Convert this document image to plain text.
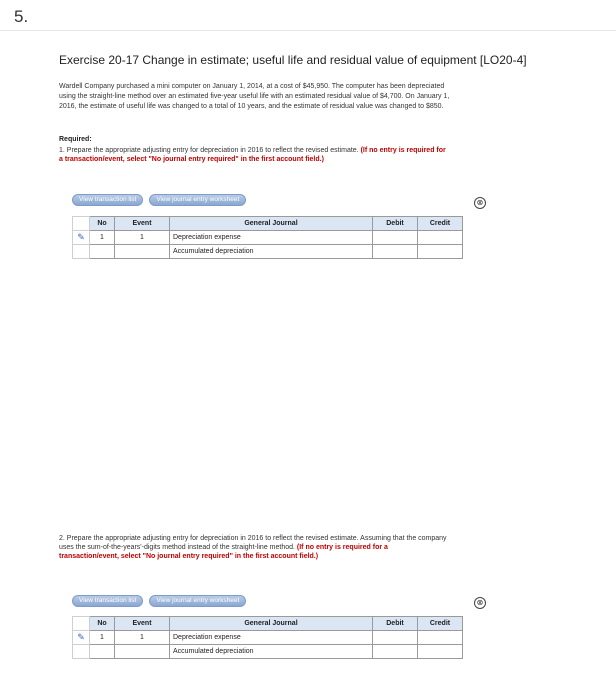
5.
Exercise 20-17 Change in estimate; useful life and residual value of equipment [LO20-4]
Wardell Company purchased a mini computer on January 1, 2014, at a cost of $45,950. The computer has been depreciated using the straight-line method over an estimated five-year useful life with an estimated residual value of $4,700. On January 1, 2016, the estimate of useful life was changed to a total of 10 years, and the estimate of residual value was changed to $850.
Required:
1. Prepare the appropriate adjusting entry for depreciation in 2016 to reflect the revised estimate. (If no entry is required for a transaction/event, select "No journal entry required" in the first account field.)
View transaction list	View journal entry worksheet	⊗
	No	Event	General Journal	Debit	Credit
✎	1	1	Depreciation expense		
			Accumulated depreciation		
2. Prepare the appropriate adjusting entry for depreciation in 2016 to reflect the revised estimate. Assuming that the company uses the sum-of-the-years'-digits method instead of the straight-line method. (If no entry is required for a transaction/event, select "No journal entry required" in the first account field.)
View transaction list	View journal entry worksheet	⊗
	No	Event	General Journal	Debit	Credit
✎	1	1	Depreciation expense		
			Accumulated depreciation		
